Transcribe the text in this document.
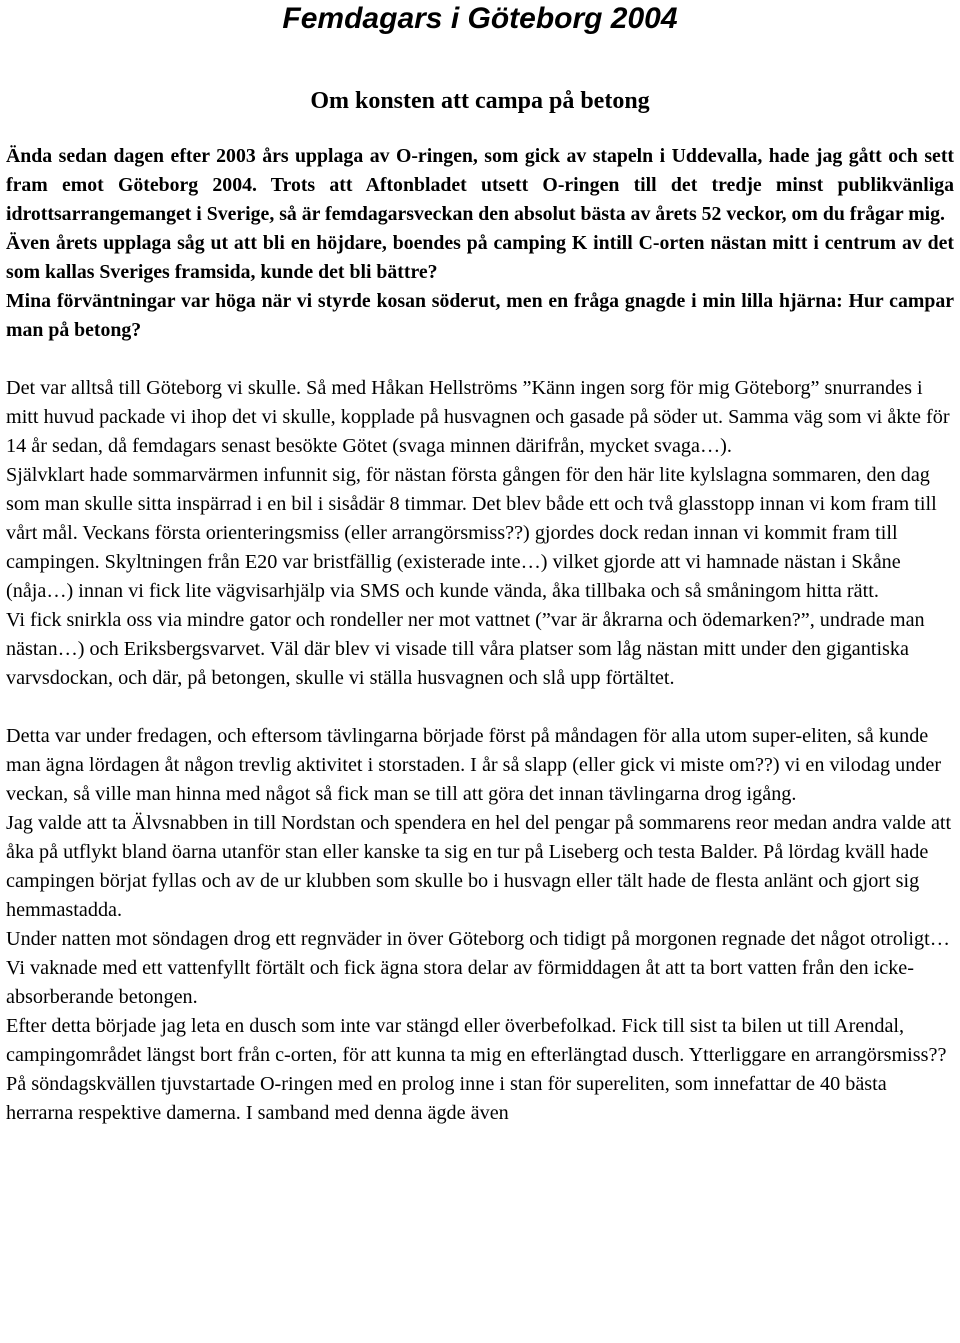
Femdagars i Göteborg 2004
Om konsten att campa på betong

Ända sedan dagen efter 2003 års upplaga av O-ringen, som gick av stapeln i Uddevalla, hade jag gått och sett fram emot Göteborg 2004. Trots att Aftonbladet utsett O-ringen till det tredje minst publikvänliga idrottsarrangemanget i Sverige, så är femdagarsveckan den absolut bästa av årets 52 veckor, om du frågar mig.

Även årets upplaga såg ut att bli en höjdare, boendes på camping K intill C-orten nästan mitt i centrum av det som kallas Sveriges framsida, kunde det bli bättre?

Mina förväntningar var höga när vi styrde kosan söderut, men en fråga gnagde i min lilla hjärna: Hur campar man på betong?

Det var alltså till Göteborg vi skulle. Så med Håkan Hellströms ”Känn ingen sorg för mig Göteborg” snurrandes i mitt huvud packade vi ihop det vi skulle, kopplade på husvagnen och gasade på söder ut. Samma väg som vi åkte för 14 år sedan, då femdagars senast besökte Götet (svaga minnen därifrån, mycket svaga…).

Självklart hade sommarvärmen infunnit sig, för nästan första gången för den här lite kylslagna sommaren, den dag som man skulle sitta inspärrad i en bil i sisådär 8 timmar. Det blev både ett och två glasstopp innan vi kom fram till vårt mål. Veckans första orienteringsmiss (eller arrangörsmiss??) gjordes dock redan innan vi kommit fram till campingen. Skyltningen från E20 var bristfällig (existerade inte…) vilket gjorde att vi hamnade nästan i Skåne (nåja…) innan vi fick lite vägvisarhjälp via SMS och kunde vända, åka tillbaka och så småningom hitta rätt.

Vi fick snirkla oss via mindre gator och rondeller ner mot vattnet (”var är åkrarna och ödemarken?”, undrade man nästan…) och Eriksbergsvarvet. Väl där blev vi visade till våra platser som låg nästan mitt under den gigantiska varvsdockan, och där, på betongen, skulle vi ställa husvagnen och slå upp förtältet.

Detta var under fredagen, och eftersom tävlingarna började först på måndagen för alla utom super-eliten, så kunde man ägna lördagen åt någon trevlig aktivitet i storstaden. I år så slapp (eller gick vi miste om??) vi en vilodag under veckan, så ville man hinna med något så fick man se till att göra det innan tävlingarna drog igång.

Jag valde att ta Älvsnabben in till Nordstan och spendera en hel del pengar på sommarens reor medan andra valde att åka på utflykt bland öarna utanför stan eller kanske ta sig en tur på Liseberg och testa Balder. På lördag kväll hade campingen börjat fyllas och av de ur klubben som skulle bo i husvagn eller tält hade de flesta anlänt och gjort sig hemmastadda.

Under natten mot söndagen drog ett regnväder in över Göteborg och tidigt på morgonen regnade det något otroligt… Vi vaknade med ett vattenfyllt förtält och fick ägna stora delar av förmiddagen åt att ta bort vatten från den icke-absorberande betongen.

Efter detta började jag leta en dusch som inte var stängd eller överbefolkad. Fick till sist ta bilen ut till Arendal, campingområdet längst bort från c-orten, för att kunna ta mig en efterlängtad dusch. Ytterliggare en arrangörsmiss??

På söndagskvällen tjuvstartade O-ringen med en prolog inne i stan för supereliten, som innefattar de 40 bästa herrarna respektive damerna. I samband med denna ägde även
